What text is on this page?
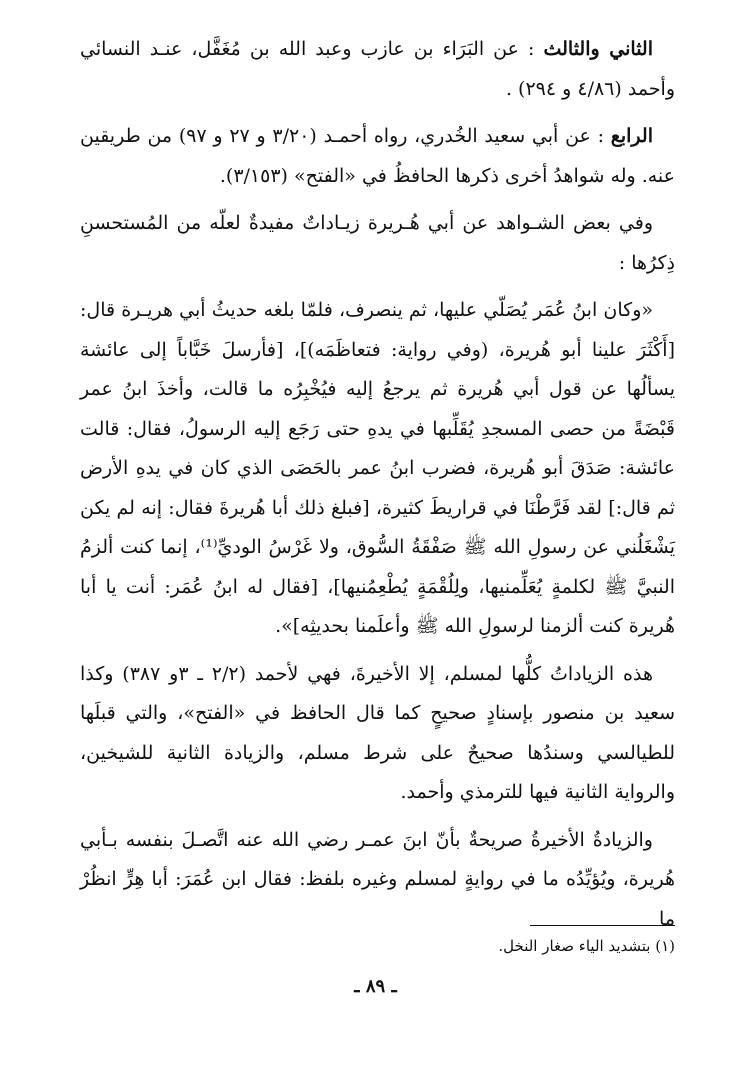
الثاني والثالث : عن البَرَاء بن عازب وعبد الله بن مُغَفَّل، عنـد النسائي وأحمد (٤/٨٦ و ٢٩٤) .

الرابع : عن أبي سعيد الخُدري، رواه أحمـد (٣/٢٠ و ٢٧ و ٩٧) من طريقين عنه. وله شواهدُ أخرى ذكرها الحافظُ في «الفتح» (٣/١٥٣).

وفي بعض الشـواهد عن أبي هُـريرة زيـاداتٌ مفيدةٌ لعلّه من المُستحسنِ ذِكرُها :

«وكان ابنُ عُمَر يُصَلّي عليها، ثم ينصرف، فلمّا بلغه حديثُ أبي هريـرة قال: [أَكْثَرَ علينا أبو هُريرة، (وفي رواية: فتعاظَمَه)]، [فأرسلَ خَبَّاباً إلى عائشة يسألُها عن قول أبي هُريرة ثم يرجعُ إليه فيُخْبِرُه ما قالت، وأخذَ ابنُ عمر قَبْضَةً من حصى المسجدِ يُقَلِّبها في يدهِ حتى رَجَع إليه الرسولُ، فقال: قالت عائشة: صَدَقَ أبو هُريرة، فضرب ابنُ عمر بالحَصَى الذي كان في يدهِ الأرض ثم قال:] لقد فَرَّطْنَا في قراريطَ كثيرة، [فبلغ ذلك أبا هُريرةَ فقال: إنه لم يكن يَشْغَلُني عن رسولِ الله ﷺ صَفْقَةُ السُّوق، ولا غَرْسُ الوديِّ⁽¹⁾، إنما كنت ألزمُ النبيَّ ﷺ لكلمةٍ يُعَلِّمنيها، ولِلُقْمَةٍ يُطْعِمُنيها]، [فقال له ابنُ عُمَر: أنت يا أبا هُريرة كنت ألزمنا لرسولِ الله ﷺ وأعلَمنا بحديثِه]».

هذه الزياداتُ كلُّها لمسلم، إلا الأخيرةَ، فهي لأحمد (٢/٢ ـ ٣و ٣٨٧) وكذا سعيد بن منصور بإسنادٍ صحيحٍ كما قال الحافظ في «الفتح»، والتي قبلَها للطيالسي وسندُها صحيحٌ على شرط مسلم، والزيادة الثانية للشيخين، والرواية الثانية فيها للترمذي وأحمد.

والزيادةُ الأخيرةُ صريحةٌ بأنّ ابنَ عمـر رضي الله عنه اتَّصـلَ بنفسه بـأبي هُريرة، ويُؤيِّدُه ما في روايةٍ لمسلم وغيره بلفظ: فقال ابن عُمَرَ: أبا هِرٍّ انظُرْ ما

(١) بتشديد الياء صغار النخل.
ـ ٨٩ ـ
